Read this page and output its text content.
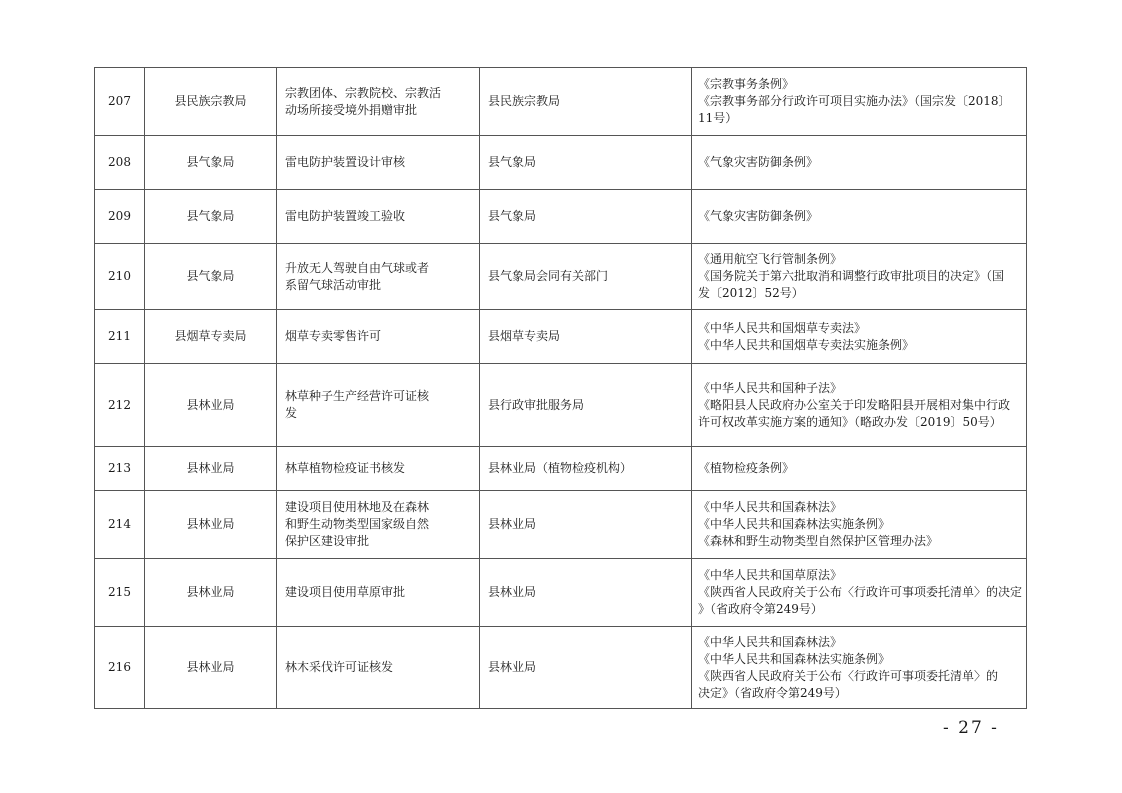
207	县民族宗教局	宗教团体、宗教院校、宗教活
动场所接受境外捐赠审批	县民族宗教局	《宗教事务条例》
《宗教事务部分行政许可项目实施办法》（国宗发〔2018〕
11号）

208	县气象局	雷电防护装置设计审核	县气象局	《气象灾害防御条例》

209	县气象局	雷电防护装置竣工验收	县气象局	《气象灾害防御条例》

210	县气象局	升放无人驾驶自由气球或者
系留气球活动审批	县气象局会同有关部门	《通用航空飞行管制条例》
《国务院关于第六批取消和调整行政审批项目的决定》（国
发〔2012〕52号）

211	县烟草专卖局	烟草专卖零售许可	县烟草专卖局	《中华人民共和国烟草专卖法》
《中华人民共和国烟草专卖法实施条例》

212	县林业局	林草种子生产经营许可证核
发	县行政审批服务局	《中华人民共和国种子法》
《略阳县人民政府办公室关于印发略阳县开展相对集中行政
许可权改革实施方案的通知》（略政办发〔2019〕50号）

213	县林业局	林草植物检疫证书核发	县林业局（植物检疫机构）	《植物检疫条例》

214	县林业局	建设项目使用林地及在森林
和野生动物类型国家级自然
保护区建设审批	县林业局	《中华人民共和国森林法》
《中华人民共和国森林法实施条例》
《森林和野生动物类型自然保护区管理办法》

215	县林业局	建设项目使用草原审批	县林业局	《中华人民共和国草原法》
《陕西省人民政府关于公布〈行政许可事项委托清单〉的决定
》（省政府令第249号）

216	县林业局	林木采伐许可证核发	县林业局	《中华人民共和国森林法》
《中华人民共和国森林法实施条例》
《陕西省人民政府关于公布〈行政许可事项委托清单〉的
决定》（省政府令第249号）
- 27 -
